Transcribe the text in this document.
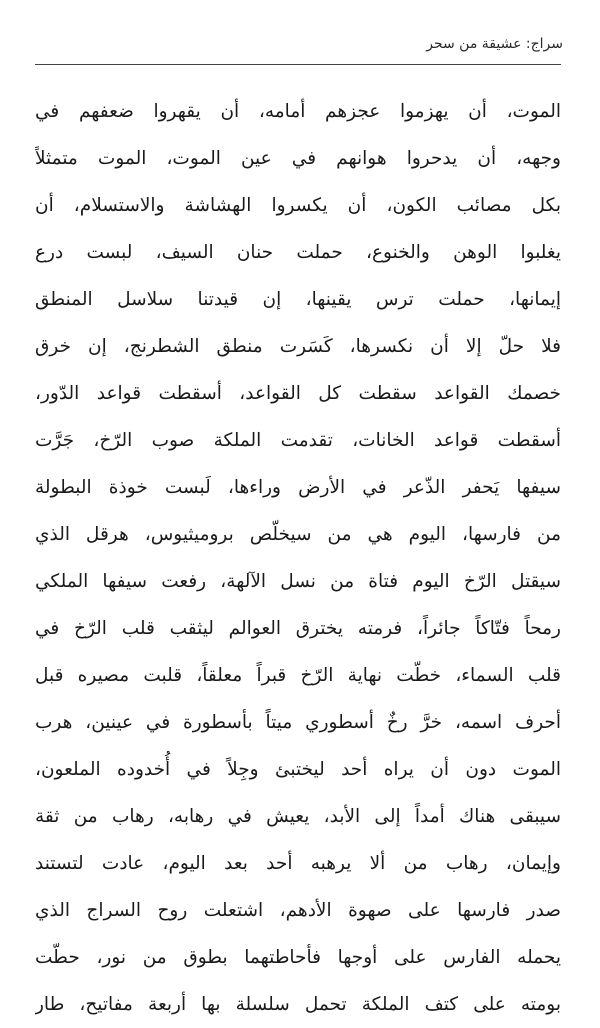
سراج: عشيقة من سحر
الموت، أن يهزموا عجزهم أمامه، أن يقهروا ضعفهم في
وجهه، أن يدحروا هوانهم في عين الموت، الموت متمثلاً
بكل مصائب الكون، أن يكسروا الهشاشة والاستسلام، أن
يغلبوا الوهن والخنوع، حملت حنان السيف، لبست درع
إيمانها، حملت ترس يقينها، إن قيدتنا سلاسل المنطق
فلا حلّ إلا أن نكسرها، كَسَرت منطق الشطرنج، إن خرق
خصمك القواعد سقطت كل القواعد، أسقطت قواعد الدّور،
أسقطت قواعد الخانات، تقدمت الملكة صوب الرّخ، جَرَّت
سيفها يَحفر الذّعر في الأرض وراءها، لَبست خوذة البطولة
من فارسها، اليوم هي من سيخلّص بروميثيوس، هرقل الذي
سيقتل الرّخ اليوم فتاة من نسل الآلهة، رفعت سيفها الملكي
رمحاً فتّاكاً جائراً، فرمته يخترق العوالم ليثقب قلب الرّخ في
قلب السماء، خطّت نهاية الرّخ قبراً معلقاً، قلبت مصيره قبل
أحرف اسمه، خرَّ رخٌ أسطوري ميتاً بأسطورة في عينين، هرب
الموت دون أن يراه أحد ليختبئ وجِلاً في أُخدوده الملعون،
سيبقى هناك أمداً إلى الأبد، يعيش في رهابه، رهاب من ثقة
وإيمان، رهاب من ألا يرهبه أحد بعد اليوم، عادت لتستند
صدر فارسها على صهوة الأدهم، اشتعلت روح السراج الذي
يحمله الفارس على أوجها فأحاطتهما بطوق من نور، حطّت
بومته على كتف الملكة تحمل سلسلة بها أربعة مفاتيح، طار
